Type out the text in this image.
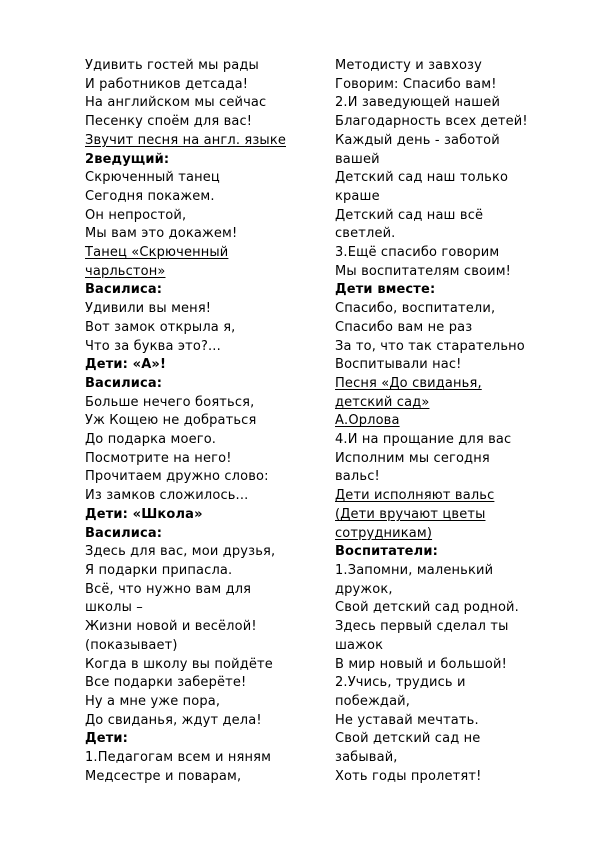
Удивить гостей мы рады
И работников детсада!
На английском мы сейчас
Песенку споём для вас!
Звучит песня на англ. языке
2ведущий:
Скрюченный танец
Сегодня покажем.
Он непростой,
Мы вам это докажем!
Танец «Скрюченный
чарльстон»
Василиса:
Удивили вы меня!
Вот замок открыла я,
Что за буква это?...
Дети: «А»!
Василиса:
Больше нечего бояться,
Уж Кощею не добраться
До подарка моего.
Посмотрите на него!
Прочитаем дружно слово:
Из замков сложилось...
Дети: «Школа»
Василиса:
Здесь для вас, мои друзья,
Я подарки припасла.
Всё, что нужно вам для
школы –
Жизни новой и весёлой!
(показывает)
Когда в школу вы пойдёте
Все подарки заберёте!
Ну а мне уже пора,
До свиданья, ждут дела!
Дети:
1.Педагогам всем и няням
Медсестре и поварам,
Методисту и завхозу
Говорим: Спасибо вам!
2.И заведующей нашей
Благодарность всех детей!
Каждый день - заботой
вашей
Детский сад наш только
краше
Детский сад наш всё
светлей.
3.Ещё спасибо говорим
Мы воспитателям своим!
Дети вместе:
Спасибо, воспитатели,
Спасибо вам не раз
За то, что так старательно
Воспитывали нас!
Песня «До свиданья,
детский сад»
А.Орлова
4.И на прощание для вас
Исполним мы сегодня
вальс!
Дети исполняют вальс
(Дети вручают цветы
сотрудникам)
Воспитатели:
1.Запомни, маленький
дружок,
Свой детский сад родной.
Здесь первый сделал ты
шажок
В мир новый и большой!
2.Учись, трудись и
побеждай,
Не уставай мечтать.
Свой детский сад не
забывай,
Хоть годы пролетят!
